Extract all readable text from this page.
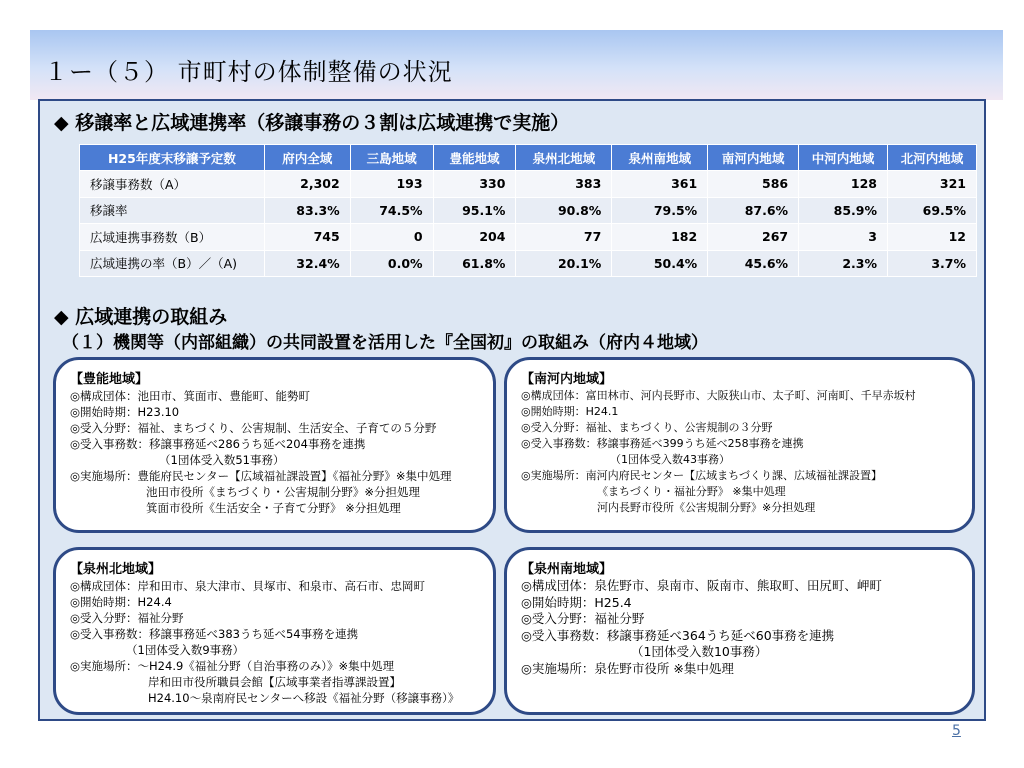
１ー（５） 市町村の体制整備の状況
◆ 移譲率と広域連携率（移譲事務の３割は広域連携で実施）
H25年度末移譲予定数	府内全域	三島地域	豊能地域	泉州北地域	泉州南地域	南河内地域	中河内地域	北河内地域
移譲事務数（A）	2,302	193	330	383	361	586	128	321
移譲率	83.3%	74.5%	95.1%	90.8%	79.5%	87.6%	85.9%	69.5%
広域連携事務数（B）	745	0	204	77	182	267	3	12
広域連携の率（B）／（A)	32.4%	0.0%	61.8%	20.1%	50.4%	45.6%	2.3%	3.7%
◆ 広域連携の取組み
（１）機関等（内部組織）の共同設置を活用した『全国初』の取組み（府内４地域）
【豊能地域】
◎構成団体：池田市、箕面市、豊能町、能勢町
◎開始時期：H23.10
◎受入分野：福祉、まちづくり、公害規制、生活安全、子育ての５分野
◎受入事務数：移譲事務延べ286うち延べ204事務を連携
（1団体受入数51事務）
◎実施場所：豊能府民センター【広域福祉課設置】《福祉分野》※集中処理
池田市役所《まちづくり・公害規制分野》※分担処理
箕面市役所《生活安全・子育て分野》 ※分担処理
【南河内地域】
◎構成団体：富田林市、河内長野市、大阪狭山市、太子町、河南町、千早赤坂村
◎開始時期：H24.1
◎受入分野：福祉、まちづくり、公害規制の３分野
◎受入事務数：移譲事務延べ399うち延べ258事務を連携
（1団体受入数43事務）
◎実施場所：南河内府民センター【広域まちづくり課、広域福祉課設置】
《まちづくり・福祉分野》 ※集中処理
河内長野市役所《公害規制分野》※分担処理
【泉州北地域】
◎構成団体：岸和田市、泉大津市、貝塚市、和泉市、高石市、忠岡町
◎開始時期：H24.4
◎受入分野：福祉分野
◎受入事務数：移譲事務延べ383うち延べ54事務を連携
（1団体受入数9事務）
◎実施場所：～H24.9《福祉分野（自治事務のみ）》※集中処理
岸和田市役所職員会館【広域事業者指導課設置】
H24.10～泉南府民センターへ移設《福祉分野（移譲事務）》
【泉州南地域】
◎構成団体：泉佐野市、泉南市、阪南市、熊取町、田尻町、岬町
◎開始時期：H25.4
◎受入分野：福祉分野
◎受入事務数：移譲事務延べ364うち延べ60事務を連携
（1団体受入数10事務）
◎実施場所：泉佐野市役所 ※集中処理
5
